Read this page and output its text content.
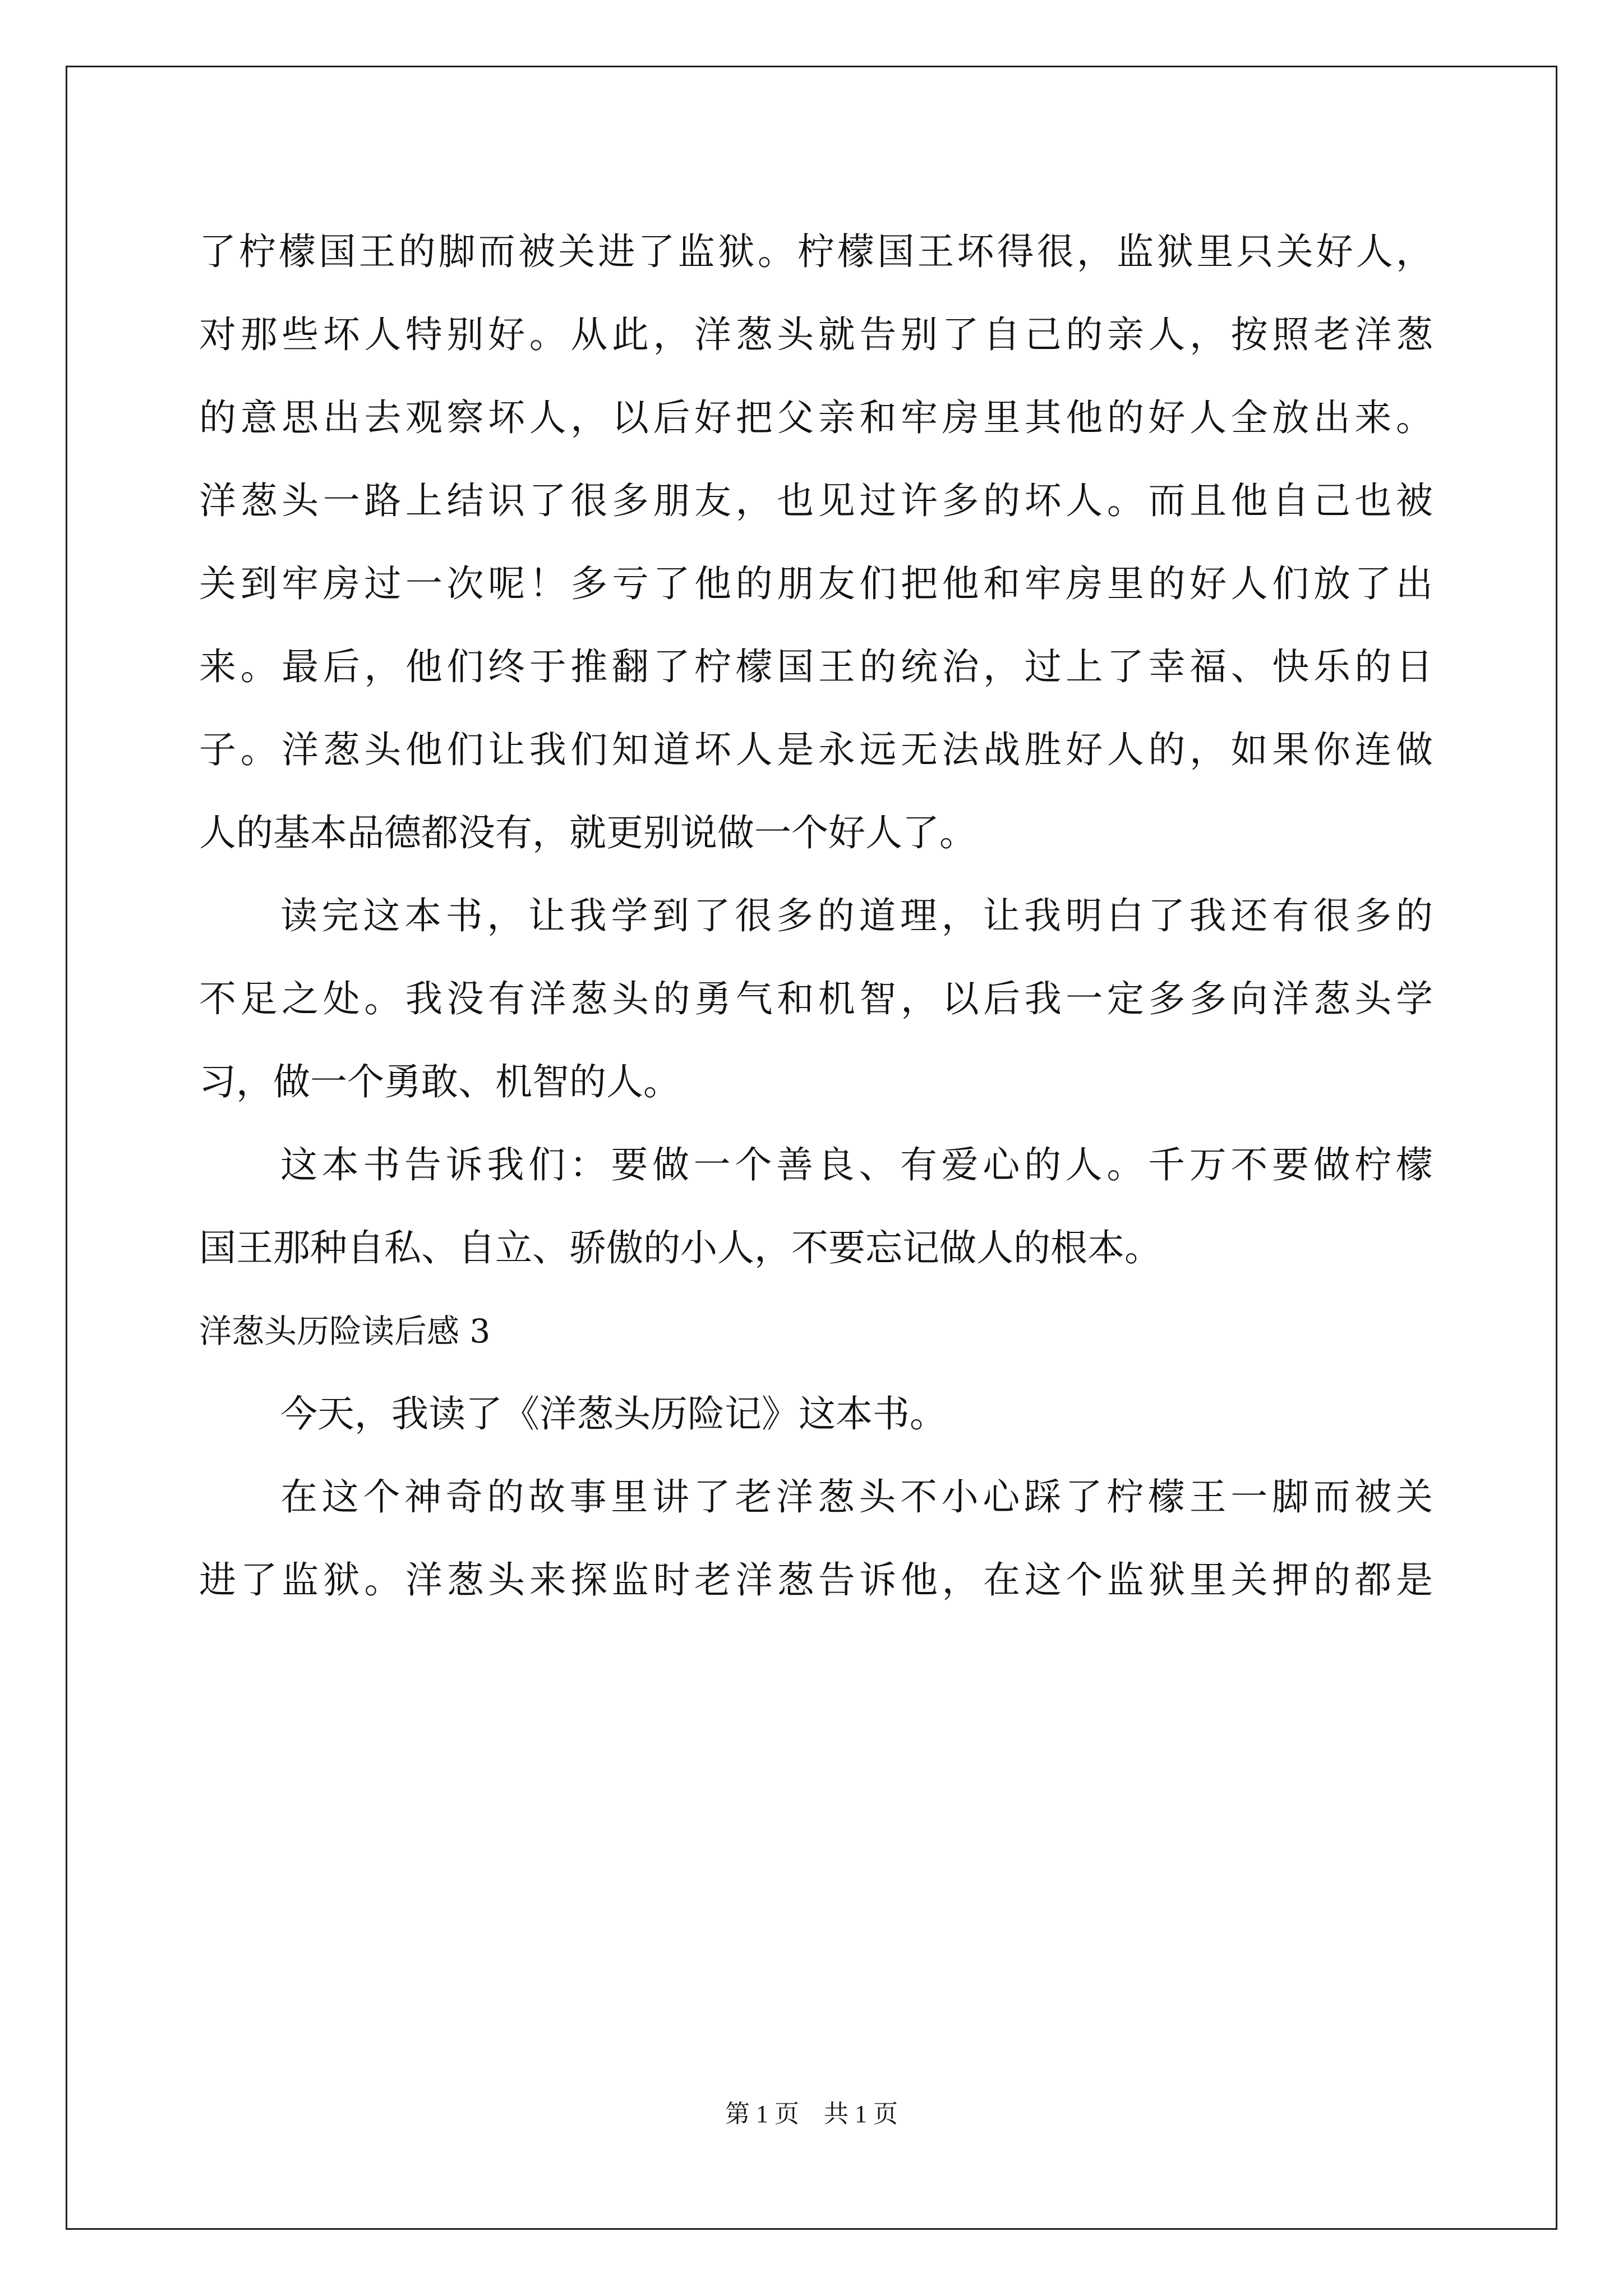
了柠檬国王的脚而被关进了监狱。柠檬国王坏得很，监狱里只关好人，
对那些坏人特别好。从此，洋葱头就告别了自己的亲人，按照老洋葱
的意思出去观察坏人，以后好把父亲和牢房里其他的好人全放出来。
洋葱头一路上结识了很多朋友，也见过许多的坏人。而且他自己也被
关到牢房过一次呢！多亏了他的朋友们把他和牢房里的好人们放了出
来。最后，他们终于推翻了柠檬国王的统治，过上了幸福、快乐的日
子。洋葱头他们让我们知道坏人是永远无法战胜好人的，如果你连做
人的基本品德都没有，就更别说做一个好人了。
读完这本书，让我学到了很多的道理，让我明白了我还有很多的
不足之处。我没有洋葱头的勇气和机智，以后我一定多多向洋葱头学
习，做一个勇敢、机智的人。
这本书告诉我们：要做一个善良、有爱心的人。千万不要做柠檬
国王那种自私、自立、骄傲的小人，不要忘记做人的根本。
洋葱头历险读后感 3
今天，我读了《洋葱头历险记》这本书。
在这个神奇的故事里讲了老洋葱头不小心踩了柠檬王一脚而被关
进了监狱。洋葱头来探监时老洋葱告诉他，在这个监狱里关押的都是
第 1 页　共 1 页
